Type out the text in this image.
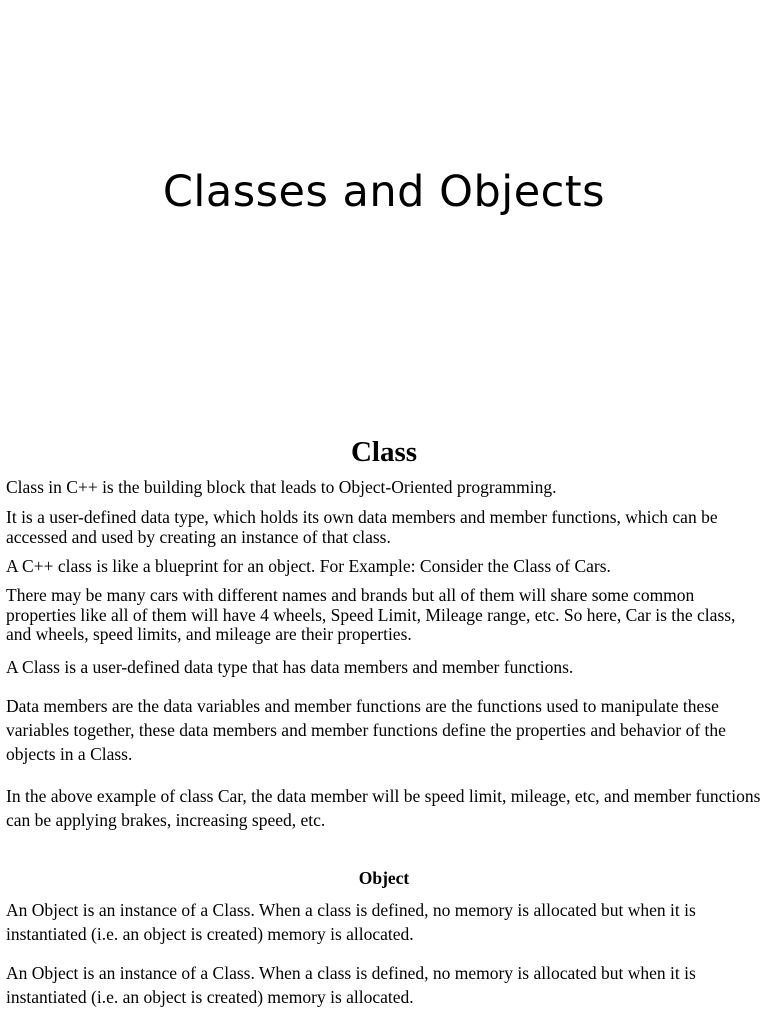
Classes and Objects
Class

Class in C++ is the building block that leads to Object-Oriented programming.

It is a user-defined data type, which holds its own data members and member functions, which can be accessed and used by creating an instance of that class.

A C++ class is like a blueprint for an object. For Example: Consider the Class of Cars.

There may be many cars with different names and brands but all of them will share some common properties like all of them will have 4 wheels, Speed Limit, Mileage range, etc. So here, Car is the class, and wheels, speed limits, and mileage are their properties.

A Class is a user-defined data type that has data members and member functions.

Data members are the data variables and member functions are the functions used to manipulate these variables together, these data members and member functions define the properties and behavior of the objects in a Class.

In the above example of class Car, the data member will be speed limit, mileage, etc, and member functions can be applying brakes, increasing speed, etc.

Object

An Object is an instance of a Class. When a class is defined, no memory is allocated but when it is instantiated (i.e. an object is created) memory is allocated.

An Object is an instance of a Class. When a class is defined, no memory is allocated but when it is instantiated (i.e. an object is created) memory is allocated.
